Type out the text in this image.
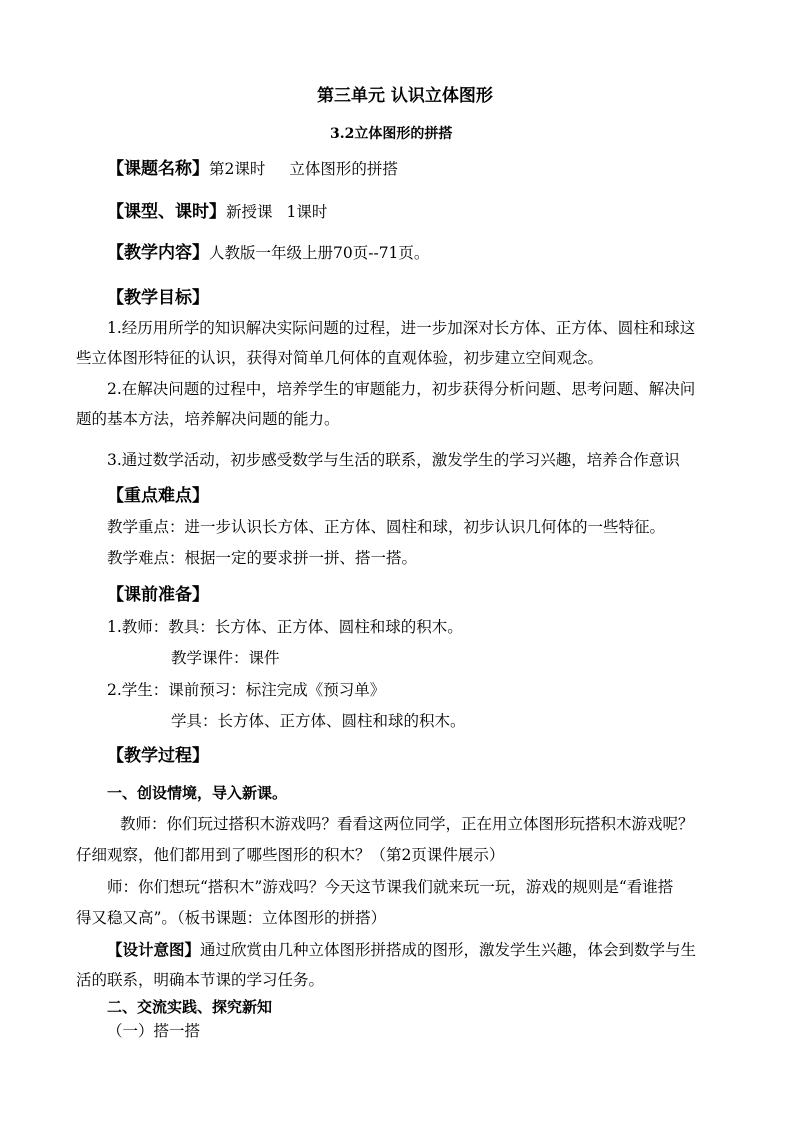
第三单元 认识立体图形
3.2立体图形的拼搭
【课题名称】第2课时 立体图形的拼搭
【课型、课时】新授课 1课时
【教学内容】人教版一年级上册70页--71页。
【教学目标】
1.经历用所学的知识解决实际问题的过程，进一步加深对长方体、正方体、圆柱和球这
些立体图形特征的认识，获得对简单几何体的直观体验，初步建立空间观念。
2.在解决问题的过程中，培养学生的审题能力，初步获得分析问题、思考问题、解决问
题的基本方法，培养解决问题的能力。
3.通过数学活动，初步感受数学与生活的联系，激发学生的学习兴趣，培养合作意识
【重点难点】
教学重点：进一步认识长方体、正方体、圆柱和球，初步认识几何体的一些特征。
教学难点：根据一定的要求拼一拼、搭一搭。
【课前准备】
1.教师：教具：长方体、正方体、圆柱和球的积木。
教学课件：课件
2.学生：课前预习：标注完成《预习单》
学具：长方体、正方体、圆柱和球的积木。
【教学过程】
一、创设情境，导入新课。
教师：你们玩过搭积木游戏吗？看看这两位同学，正在用立体图形玩搭积木游戏呢？
仔细观察，他们都用到了哪些图形的积木？（第2页课件展示）
师：你们想玩“搭积木”游戏吗？今天这节课我们就来玩一玩，游戏的规则是“看谁搭
得又稳又高”。（板书课题：立体图形的拼搭）
【设计意图】通过欣赏由几种立体图形拼搭成的图形，激发学生兴趣，体会到数学与生
活的联系，明确本节课的学习任务。
二、交流实践、探究新知
（一）搭一搭
